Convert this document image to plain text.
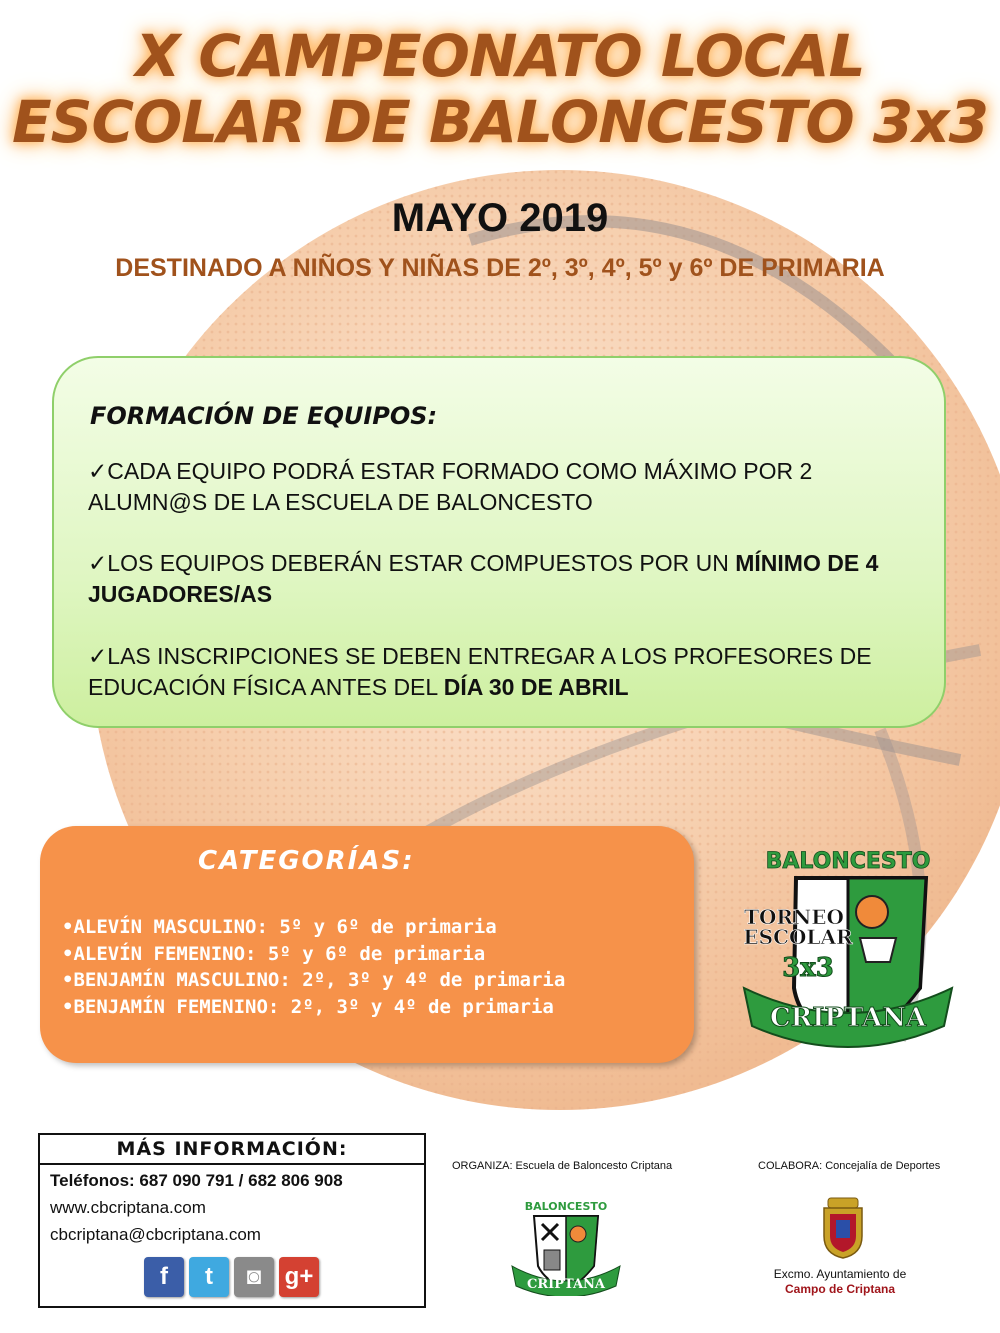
X CAMPEONATO LOCAL
ESCOLAR DE BALONCESTO 3x3
MAYO 2019
DESTINADO A NIÑOS Y NIÑAS DE 2º, 3º, 4º, 5º y 6º DE PRIMARIA
FORMACIÓN DE EQUIPOS:
✓CADA EQUIPO PODRÁ ESTAR FORMADO COMO MÁXIMO POR 2 ALUMN@S DE LA ESCUELA DE BALONCESTO
✓LOS EQUIPOS DEBERÁN ESTAR COMPUESTOS POR UN MÍNIMO DE 4 JUGADORES/AS
✓LAS INSCRIPCIONES SE DEBEN ENTREGAR A LOS PROFESORES DE EDUCACIÓN FÍSICA ANTES DEL DÍA 30 DE ABRIL
CATEGORÍAS:
•ALEVÍN MASCULINO: 5º y 6º de primaria
•ALEVÍN FEMENINO: 5º y 6º de primaria
•BENJAMÍN MASCULINO: 2º, 3º y 4º de primaria
•BENJAMÍN FEMENINO: 2º, 3º y 4º de primaria
BALONCESTO
TORNEO
ESCOLAR
3x3
CRIPTANA
MÁS INFORMACIÓN:
Teléfonos: 687 090 791 / 682 806 908
www.cbcriptana.com
cbcriptana@cbcriptana.com
f	t	◙ g+
ORGANIZA: Escuela de Baloncesto Criptana	COLABORA: Concejalía de Deportes
BALONCESTO
CRIPTANA
Excmo. Ayuntamiento de
Campo de Criptana
